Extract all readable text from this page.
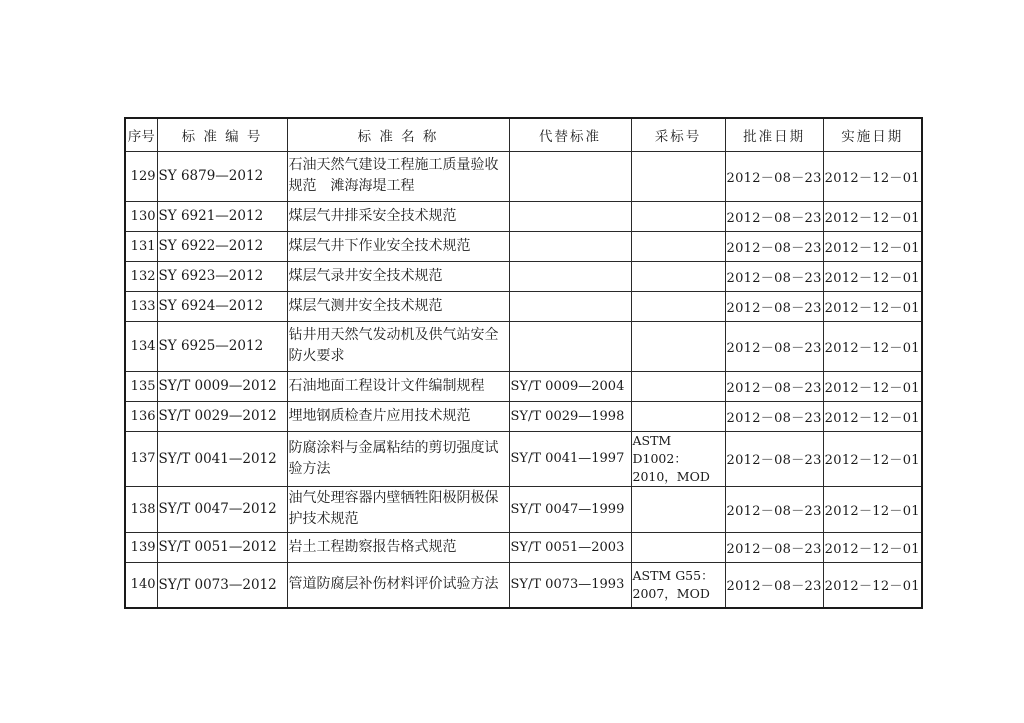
序号	标 准 编 号	标 准 名 称	代替标准	采标号	批准日期	实施日期
129	SY 6879—2012	石油天然气建设工程施工质量验收规范　滩海海堤工程			2012－08－23	2012－12－01
130	SY 6921—2012	煤层气井排采安全技术规范			2012－08－23	2012－12－01
131	SY 6922—2012	煤层气井下作业安全技术规范			2012－08－23	2012－12－01
132	SY 6923—2012	煤层气录井安全技术规范			2012－08－23	2012－12－01
133	SY 6924—2012	煤层气测井安全技术规范			2012－08－23	2012－12－01
134	SY 6925—2012	钻井用天然气发动机及供气站安全防火要求			2012－08－23	2012－12－01
135	SY/T 0009—2012	石油地面工程设计文件编制规程	SY/T 0009—2004		2012－08－23	2012－12－01
136	SY/T 0029—2012	埋地钢质检查片应用技术规范	SY/T 0029—1998		2012－08－23	2012－12－01
137	SY/T 0041—2012	防腐涂料与金属粘结的剪切强度试验方法	SY/T 0041—1997	ASTM D1002：2010，MOD	2012－08－23	2012－12－01
138	SY/T 0047—2012	油气处理容器内壁牺牲阳极阴极保护技术规范	SY/T 0047—1999		2012－08－23	2012－12－01
139	SY/T 0051—2012	岩土工程勘察报告格式规范	SY/T 0051—2003		2012－08－23	2012－12－01
140	SY/T 0073—2012	管道防腐层补伤材料评价试验方法	SY/T 0073—1993	ASTM G55：2007，MOD	2012－08－23	2012－12－01
